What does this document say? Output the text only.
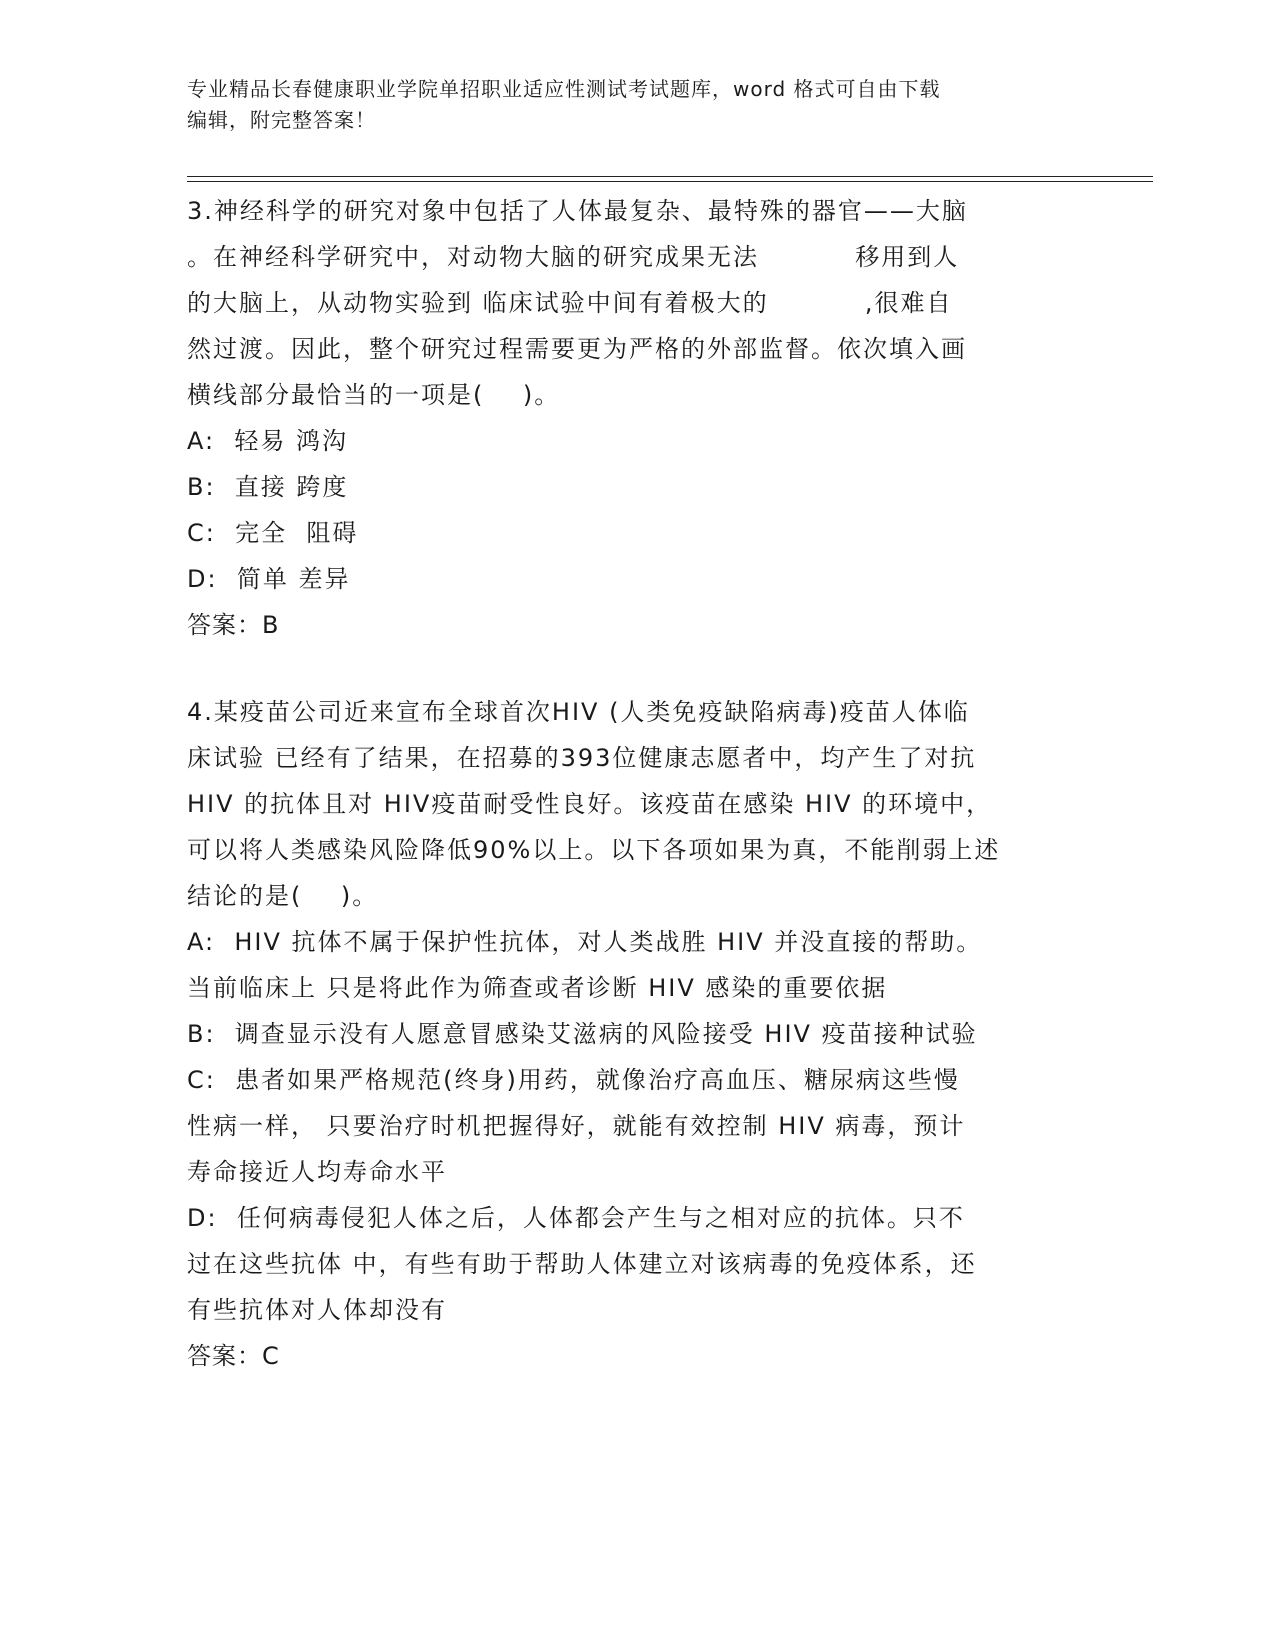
专业精品长春健康职业学院单招职业适应性测试考试题库，word 格式可自由下载
编辑，附完整答案！
3.神经科学的研究对象中包括了人体最复杂、最特殊的器官——大脑
。在神经科学研究中，对动物大脑的研究成果无法          移用到人
的大脑上，从动物实验到 临床试验中间有着极大的          ,很难自
然过渡。因此，整个研究过程需要更为严格的外部监督。依次填入画
横线部分最恰当的一项是(    )。
A:  轻易 鸿沟
B:  直接 跨度
C:  完全  阻碍
D:  简单 差异
答案：B
4.某疫苗公司近来宣布全球首次HIV (人类免疫缺陷病毒)疫苗人体临
床试验 已经有了结果，在招募的393位健康志愿者中，均产生了对抗
HIV 的抗体且对 HIV疫苗耐受性良好。该疫苗在感染 HIV 的环境中，
可以将人类感染风险降低90%以上。以下各项如果为真，不能削弱上述
结论的是(    )。
A:  HIV 抗体不属于保护性抗体，对人类战胜 HIV 并没直接的帮助。
当前临床上 只是将此作为筛查或者诊断 HIV 感染的重要依据
B:  调查显示没有人愿意冒感染艾滋病的风险接受 HIV 疫苗接种试验
C:  患者如果严格规范(终身)用药，就像治疗高血压、糖尿病这些慢
性病一样， 只要治疗时机把握得好，就能有效控制 HIV 病毒，预计
寿命接近人均寿命水平
D:  任何病毒侵犯人体之后，人体都会产生与之相对应的抗体。只不
过在这些抗体 中，有些有助于帮助人体建立对该病毒的免疫体系，还
有些抗体对人体却没有
答案：C
